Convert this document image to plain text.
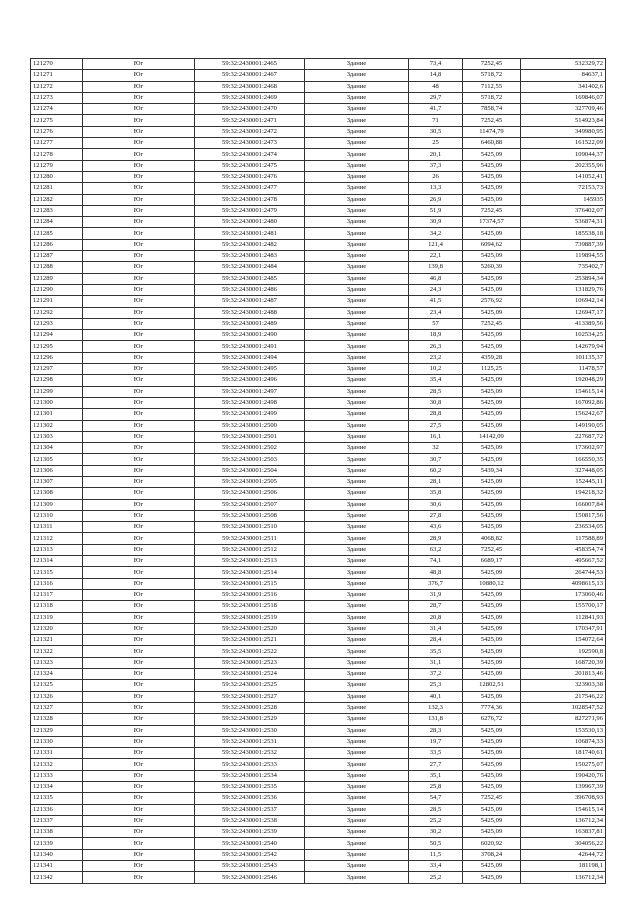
121270	Юг	59:32:2430001:2465	Здание	73,4	7252,45	532329,72
121271	Юг	59:32:2430001:2467	Здание	14,8	5718,72	84637,1
121272	Юг	59:32:2430001:2468	Здание	48	7112,55	341402,6
121273	Юг	59:32:2430001:2469	Здание	29,7	5718,72	169846,07
121274	Юг	59:32:2430001:2470	Здание	41,7	7858,74	327709,46
121275	Юг	59:32:2430001:2471	Здание	71	7252,45	514923,84
121276	Юг	59:32:2430001:2472	Здание	30,5	11474,79	349980,95
121277	Юг	59:32:2430001:2473	Здание	25	6460,88	161522,09
121278	Юг	59:32:2430001:2474	Здание	20,1	5425,09	109044,37
121279	Юг	59:32:2430001:2475	Здание	37,3	5425,09	202355,96
121280	Юг	59:32:2430001:2476	Здание	26	5425,09	141052,41
121281	Юг	59:32:2430001:2477	Здание	13,3	5425,09	72153,73
121282	Юг	59:32:2430001:2478	Здание	26,9	5425,09	145935
121283	Юг	59:32:2430001:2479	Здание	51,9	7252,45	376402,07
121284	Юг	59:32:2430001:2480	Здание	30,9	17374,57	536874,31
121285	Юг	59:32:2430001:2481	Здание	34,2	5425,09	185538,18
121286	Юг	59:32:2430001:2482	Здание	121,4	6094,62	739887,39
121287	Юг	59:32:2430001:2483	Здание	22,1	5425,09	119894,55
121288	Юг	59:32:2430001:2484	Здание	139,8	5260,39	735402,7
121289	Юг	59:32:2430001:2485	Здание	46,8	5425,09	253894,34
121290	Юг	59:32:2430001:2486	Здание	24,3	5425,09	131829,76
121291	Юг	59:32:2430001:2487	Здание	41,5	2576,92	106942,14
121292	Юг	59:32:2430001:2488	Здание	23,4	5425,09	126947,17
121293	Юг	59:32:2430001:2489	Здание	57	7252,45	413389,56
121294	Юг	59:32:2430001:2490	Здание	18,9	5425,09	102534,25
121295	Юг	59:32:2430001:2491	Здание	26,3	5425,09	142679,94
121296	Юг	59:32:2430001:2494	Здание	23,2	4359,28	101135,37
121297	Юг	59:32:2430001:2495	Здание	10,2	1125,25	11478,57
121298	Юг	59:32:2430001:2496	Здание	35,4	5425,09	192048,29
121299	Юг	59:32:2430001:2497	Здание	28,5	5425,09	154615,14
121300	Юг	59:32:2430001:2498	Здание	30,8	5425,09	167092,86
121301	Юг	59:32:2430001:2499	Здание	28,8	5425,09	156242,67
121302	Юг	59:32:2430001:2500	Здание	27,5	5425,09	149190,05
121303	Юг	59:32:2430001:2501	Здание	16,1	14142,09	227687,72
121304	Юг	59:32:2430001:2502	Здание	32	5425,09	173602,97
121305	Юг	59:32:2430001:2503	Здание	30,7	5425,09	166550,35
121306	Юг	59:32:2430001:2504	Здание	60,2	5439,34	327448,05
121307	Юг	59:32:2430001:2505	Здание	28,1	5425,09	152445,11
121308	Юг	59:32:2430001:2506	Здание	35,8	5425,09	194218,32
121309	Юг	59:32:2430001:2507	Здание	30,6	5425,09	166007,84
121310	Юг	59:32:2430001:2508	Здание	27,8	5425,09	150817,56
121311	Юг	59:32:2430001:2510	Здание	43,6	5425,09	236534,05
121312	Юг	59:32:2430001:2511	Здание	28,9	4068,82	117588,89
121313	Юг	59:32:2430001:2512	Здание	63,2	7252,45	458354,74
121314	Юг	59:32:2430001:2513	Здание	74,1	6689,17	495667,52
121315	Юг	59:32:2430001:2514	Здание	48,8	5425,09	264744,53
121316	Юг	59:32:2430001:2515	Здание	376,7	10880,12	4098615,13
121317	Юг	59:32:2430001:2516	Здание	31,9	5425,09	173060,46
121318	Юг	59:32:2430001:2518	Здание	28,7	5425,09	155700,17
121319	Юг	59:32:2430001:2519	Здание	20,8	5425,09	112841,93
121320	Юг	59:32:2430001:2520	Здание	31,4	5425,09	170347,91
121321	Юг	59:32:2430001:2521	Здание	28,4	5425,09	154072,64
121322	Юг	59:32:2430001:2522	Здание	35,5	5425,09	192590,8
121323	Юг	59:32:2430001:2523	Здание	31,1	5425,09	168720,39
121324	Юг	59:32:2430001:2524	Здание	37,2	5425,09	201813,46
121325	Юг	59:32:2430001:2525	Здание	25,3	12802,51	323903,38
121326	Юг	59:32:2430001:2527	Здание	40,1	5425,09	217546,22
121327	Юг	59:32:2430001:2528	Здание	132,3	7774,36	1028547,52
121328	Юг	59:32:2430001:2529	Здание	131,8	6276,72	827271,96
121329	Юг	59:32:2430001:2530	Здание	28,3	5425,09	153530,13
121330	Юг	59:32:2430001:2531	Здание	19,7	5425,09	106874,33
121331	Юг	59:32:2430001:2532	Здание	33,5	5425,09	181740,61
121332	Юг	59:32:2430001:2533	Здание	27,7	5425,09	150275,07
121333	Юг	59:32:2430001:2534	Здание	35,1	5425,09	190420,76
121334	Юг	59:32:2430001:2535	Здание	25,8	5425,09	139967,39
121335	Юг	59:32:2430001:2536	Здание	54,7	7252,45	396708,93
121336	Юг	59:32:2430001:2537	Здание	28,5	5425,09	154615,14
121337	Юг	59:32:2430001:2538	Здание	25,2	5425,09	136712,34
121338	Юг	59:32:2430001:2539	Здание	30,2	5425,09	163837,81
121339	Юг	59:32:2430001:2540	Здание	50,5	6020,92	304056,22
121340	Юг	59:32:2430001:2542	Здание	11,5	3708,24	42644,72
121341	Юг	59:32:2430001:2543	Здание	33,4	5425,09	181198,1
121342	Юг	59:32:2430001:2546	Здание	25,2	5425,09	136712,34
